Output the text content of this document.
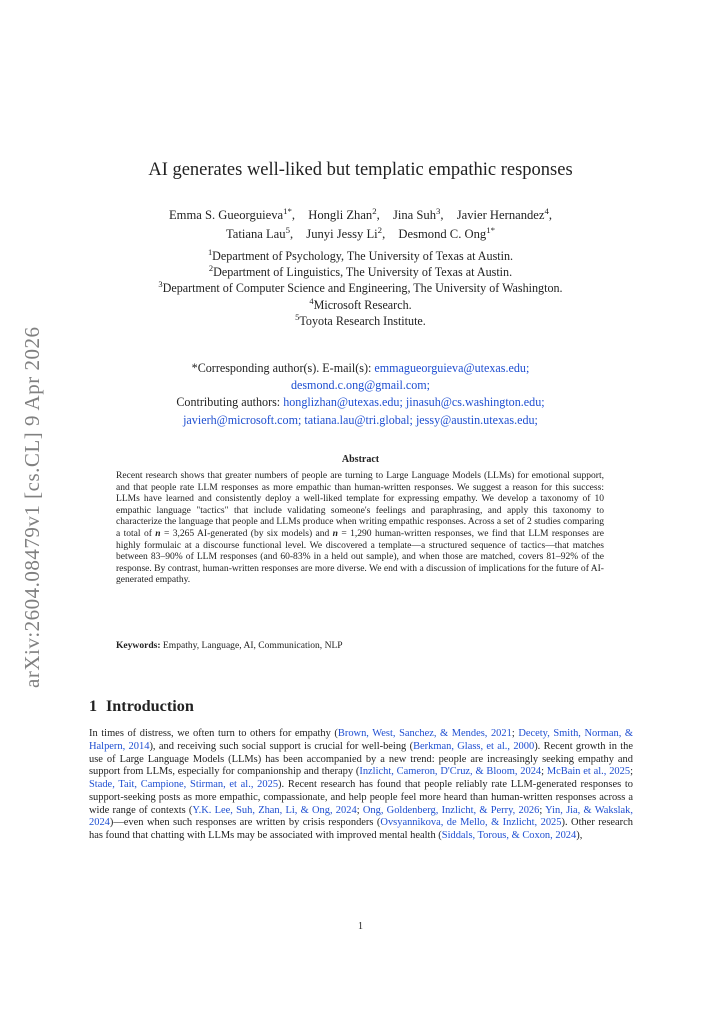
arXiv:2604.08479v1 [cs.CL] 9 Apr 2026
AI generates well-liked but templatic empathic responses
Emma S. Gueorguieva$^{1*}$, Hongli Zhan$^2$, Jina Suh$^3$, Javier Hernandez$^4$,
Tatiana Lau$^5$, Junyi Jessy Li$^2$, Desmond C. Ong$^{1*}$
$^1$Department of Psychology, The University of Texas at Austin.
$^2$Department of Linguistics, The University of Texas at Austin.
$^3$Department of Computer Science and Engineering, The University of Washington.
$^4$Microsoft Research.
$^5$Toyota Research Institute.
*Corresponding author(s). E-mail(s): emmagueorguieva@utexas.edu;
desmond.c.ong@gmail.com;
Contributing authors: honglizhan@utexas.edu; jinasuh@cs.washington.edu;
javierh@microsoft.com; tatiana.lau@tri.global; jessy@austin.utexas.edu;
Abstract
Recent research shows that greater numbers of people are turning to Large Language Models (LLMs) for emotional support, and that people rate LLM responses as more empathic than human-written responses. We suggest a reason for this success: LLMs have learned and consistently deploy a well-liked template for expressing empathy. We develop a taxonomy of 10 empathic language "tactics" that include validating someone's feelings and paraphrasing, and apply this taxonomy to characterize the language that people and LLMs produce when writing empathic responses. Across a set of 2 studies comparing a total of n = 3,265 AI-generated (by six models) and n = 1,290 human-written responses, we find that LLM responses are highly formulaic at a discourse functional level. We discovered a template—a structured sequence of tactics—that matches between 83–90% of LLM responses (and 60-83% in a held out sample), and when those are matched, covers 81–92% of the response. By contrast, human-written responses are more diverse. We end with a discussion of implications for the future of AI-generated empathy.
Keywords: Empathy, Language, AI, Communication, NLP
1 Introduction
In times of distress, we often turn to others for empathy (Brown, West, Sanchez, & Mendes, 2021; Decety, Smith, Norman, & Halpern, 2014), and receiving such social support is crucial for well-being (Berkman, Glass, et al., 2000). Recent growth in the use of Large Language Models (LLMs) has been accompanied by a new trend: people are increasingly seeking empathy and support from LLMs, especially for companionship and therapy (Inzlicht, Cameron, D'Cruz, & Bloom, 2024; McBain et al., 2025; Stade, Tait, Campione, Stirman, et al., 2025). Recent research has found that people reliably rate LLM-generated responses to support-seeking posts as more empathic, compassionate, and help people feel more heard than human-written responses across a wide range of contexts (Y.K. Lee, Suh, Zhan, Li, & Ong, 2024; Ong, Goldenberg, Inzlicht, & Perry, 2026; Yin, Jia, & Wakslak, 2024)—even when such responses are written by crisis responders (Ovsyannikova, de Mello, & Inzlicht, 2025). Other research has found that chatting with LLMs may be associated with improved mental health (Siddals, Torous, & Coxon, 2024),
1
